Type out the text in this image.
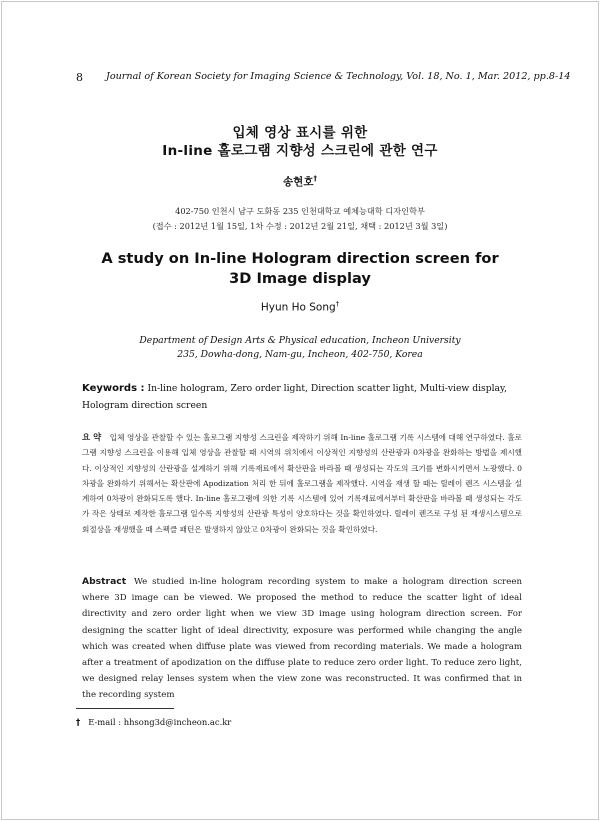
8 Journal of Korean Society for Imaging Science & Technology, Vol. 18, No. 1, Mar. 2012, pp.8-14
입체 영상 표시를 위한
In-line 홀로그램 지향성 스크린에 관한 연구
송현호†
402-750 인천시 남구 도화동 235 인천대학교 예체능대학 디자인학부
(접수 : 2012년 1월 15일, 1차 수정 : 2012년 2월 21일, 채택 : 2012년 3월 3일)
A study on In-line Hologram direction screen for
3D Image display
Hyun Ho Song†
Department of Design Arts & Physical education, Incheon University
235, Dowha-dong, Nam-gu, Incheon, 402-750, Korea
Keywords : In-line hologram, Zero order light, Direction scatter light, Multi-view display, Hologram direction screen
요 약 입체 영상을 관찰할 수 있는 홀로그램 지향성 스크린을 제작하기 위해 In-line 홀로그램 기록 시스템에 대해 연구하였다. 홀로그램 지향성 스크린을 이용해 입체 영상을 관찰할 때 시역의 위치에서 이상적인 지향성의 산란광과 0차광을 완화하는 방법을 제시했다. 이상적인 지향성의 산란광을 설계하기 위해 기록재료에서 확산판을 바라볼 때 생성되는 각도의 크기를 변화시키면서 노광했다. 0차광을 완화하기 위해서는 확산판에 Apodization 처리 한 뒤에 홀로그램을 제작했다. 시역을 재생 할 때는 릴레이 렌즈 시스템을 설계하여 0차광이 완화되도록 했다. In-line 홀로그램에 의한 기록 시스템에 있어 기록재료에서부터 확산판을 바라볼 때 생성되는 각도가 작은 상태로 제작한 홀로그램 일수록 지향성의 산란광 특성이 양호하다는 것을 확인하였다. 릴레이 렌즈로 구성 된 재생시스템으로 회절상을 재생했을 때 스펙클 패턴은 발생하지 않았고 0차광이 완화되는 것을 확인하였다.
Abstract We studied in-line hologram recording system to make a hologram direction screen where 3D image can be viewed. We proposed the method to reduce the scatter light of ideal directivity and zero order light when we view 3D image using hologram direction screen. For designing the scatter light of ideal directivity, exposure was performed while changing the angle which was created when diffuse plate was viewed from recording materials. We made a hologram after a treatment of apodization on the diffuse plate to reduce zero order light. To reduce zero light, we designed relay lenses system when the view zone was reconstructed. It was confirmed that in the recording system
† E-mail : hhsong3d@incheon.ac.kr
